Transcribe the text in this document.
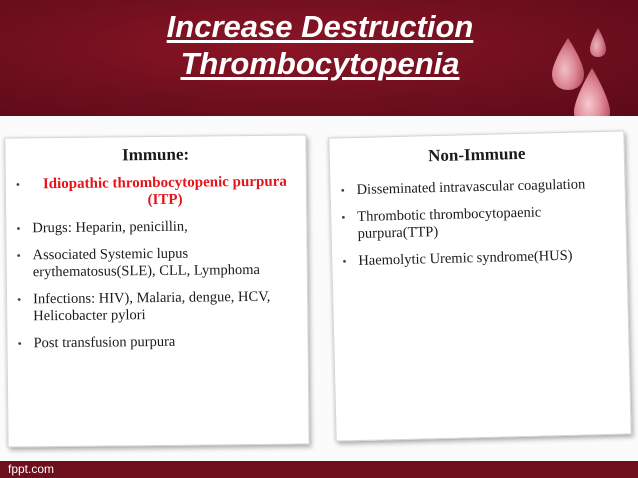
Increase Destruction
Thrombocytopenia
Immune:
•	Idiopathic thrombocytopenic purpura (ITP)
• Drugs: Heparin, penicillin,
• Associated Systemic lupus erythematosus(SLE), CLL, Lymphoma
• Infections: HIV), Malaria, dengue, HCV, Helicobacter pylori
• Post transfusion purpura
Non-Immune
• Disseminated intravascular coagulation
• Thrombotic thrombocytopaenic purpura(TTP)
• Haemolytic Uremic syndrome(HUS)
fppt.com
